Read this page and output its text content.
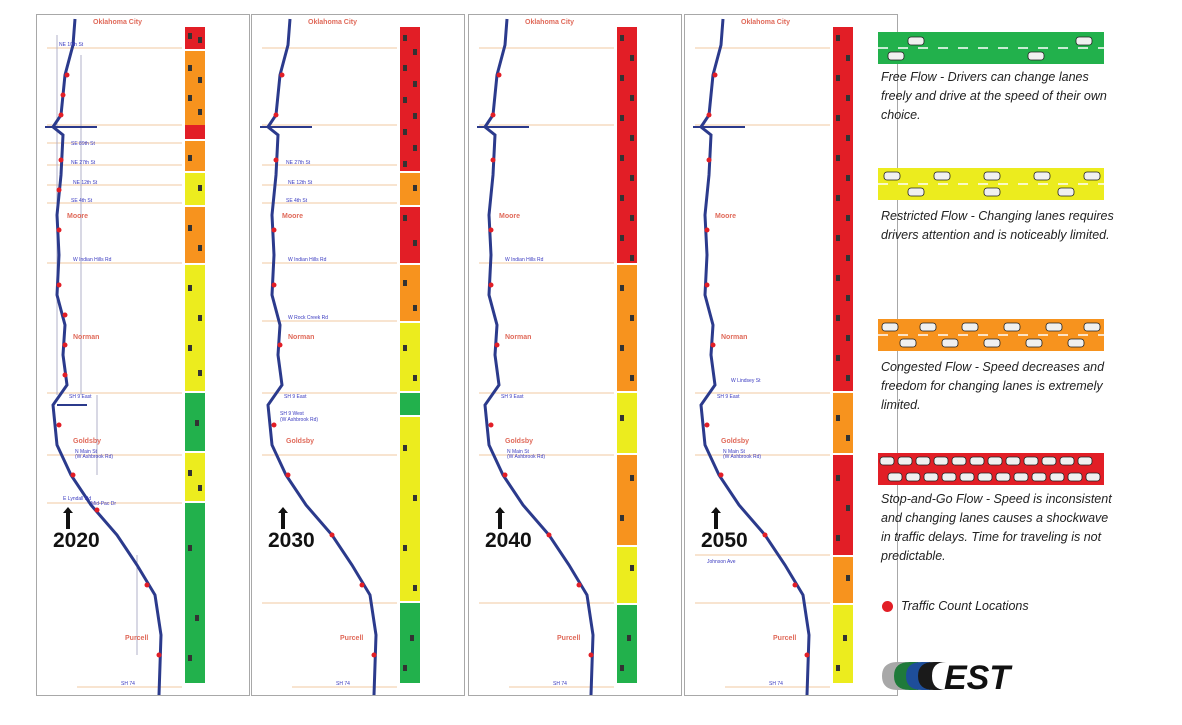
NE 10th St
SE 89th St
NE 27th St
NE 12th St
SE 4th St
W Indian Hills Rd
SH 9 East
N Main St
(W Ashbrook Rd)
E Lyndall Rd
Mid-Pac Dr
SH 74
Oklahoma City
Moore
Norman
Goldsby
Purcell
2020
NE 27th St
NE 12th St
SE 4th St
W Indian Hills Rd
W Rock Creek Rd
SH 9 East
SH 9 West
(W Ashbrook Rd)
SH 74
Oklahoma City
Moore
Norman
Goldsby
Purcell
2030
W Indian Hills Rd
SH 9 East
N Main St
(W Ashbrook Rd)
SH 74
Oklahoma City
Moore
Norman
Goldsby
Purcell
2040
W Lindsey St
SH 9 East
N Main St
(W Ashbrook Rd)
Johnson Ave
SH 74
Oklahoma City
Moore
Norman
Goldsby
Purcell
2050
Free Flow - Drivers can change lanes freely and drive at the speed of their own choice.
Restricted Flow - Changing lanes requires drivers attention and is noticeably limited.
Congested Flow - Speed decreases and freedom for changing lanes is extremely limited.
Stop-and-Go Flow - Speed is inconsistent and changing lanes causes a shockwave in traffic delays. Time for traveling is not predictable.
Traffic Count Locations
EST
